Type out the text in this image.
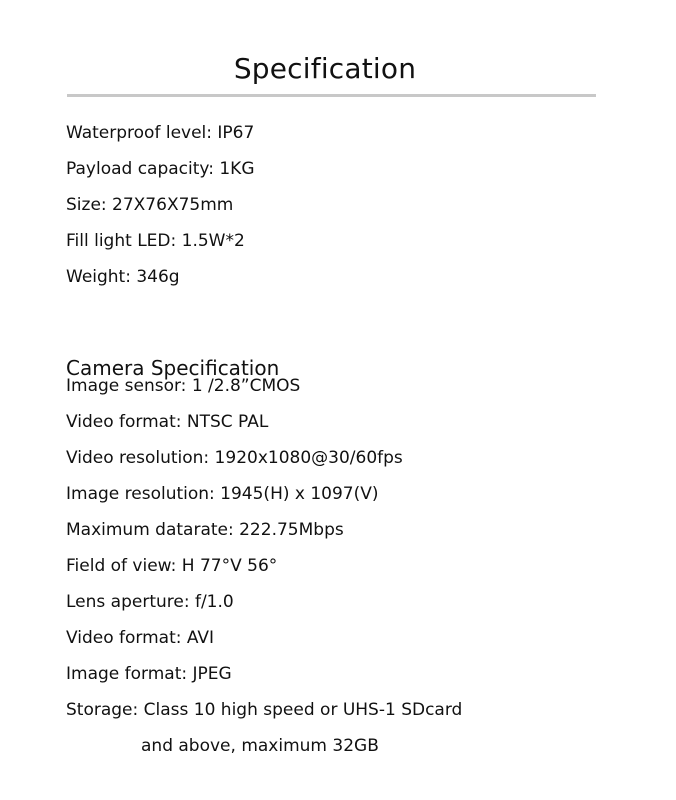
Specification
Waterproof level: IP67
Payload capacity: 1KG
Size: 27X76X75mm
Fill light LED: 1.5W*2
Weight: 346g
Camera Specification
Image sensor: 1 /2.8”CMOS
Video format: NTSC PAL
Video resolution: 1920x1080@30/60fps
Image resolution: 1945(H) x 1097(V)
Maximum datarate: 222.75Mbps
Field of view: H 77°V 56°
Lens aperture: f/1.0
Video format: AVI
Image format: JPEG
Storage: Class 10 high speed or UHS-1 SDcard
and above, maximum 32GB
